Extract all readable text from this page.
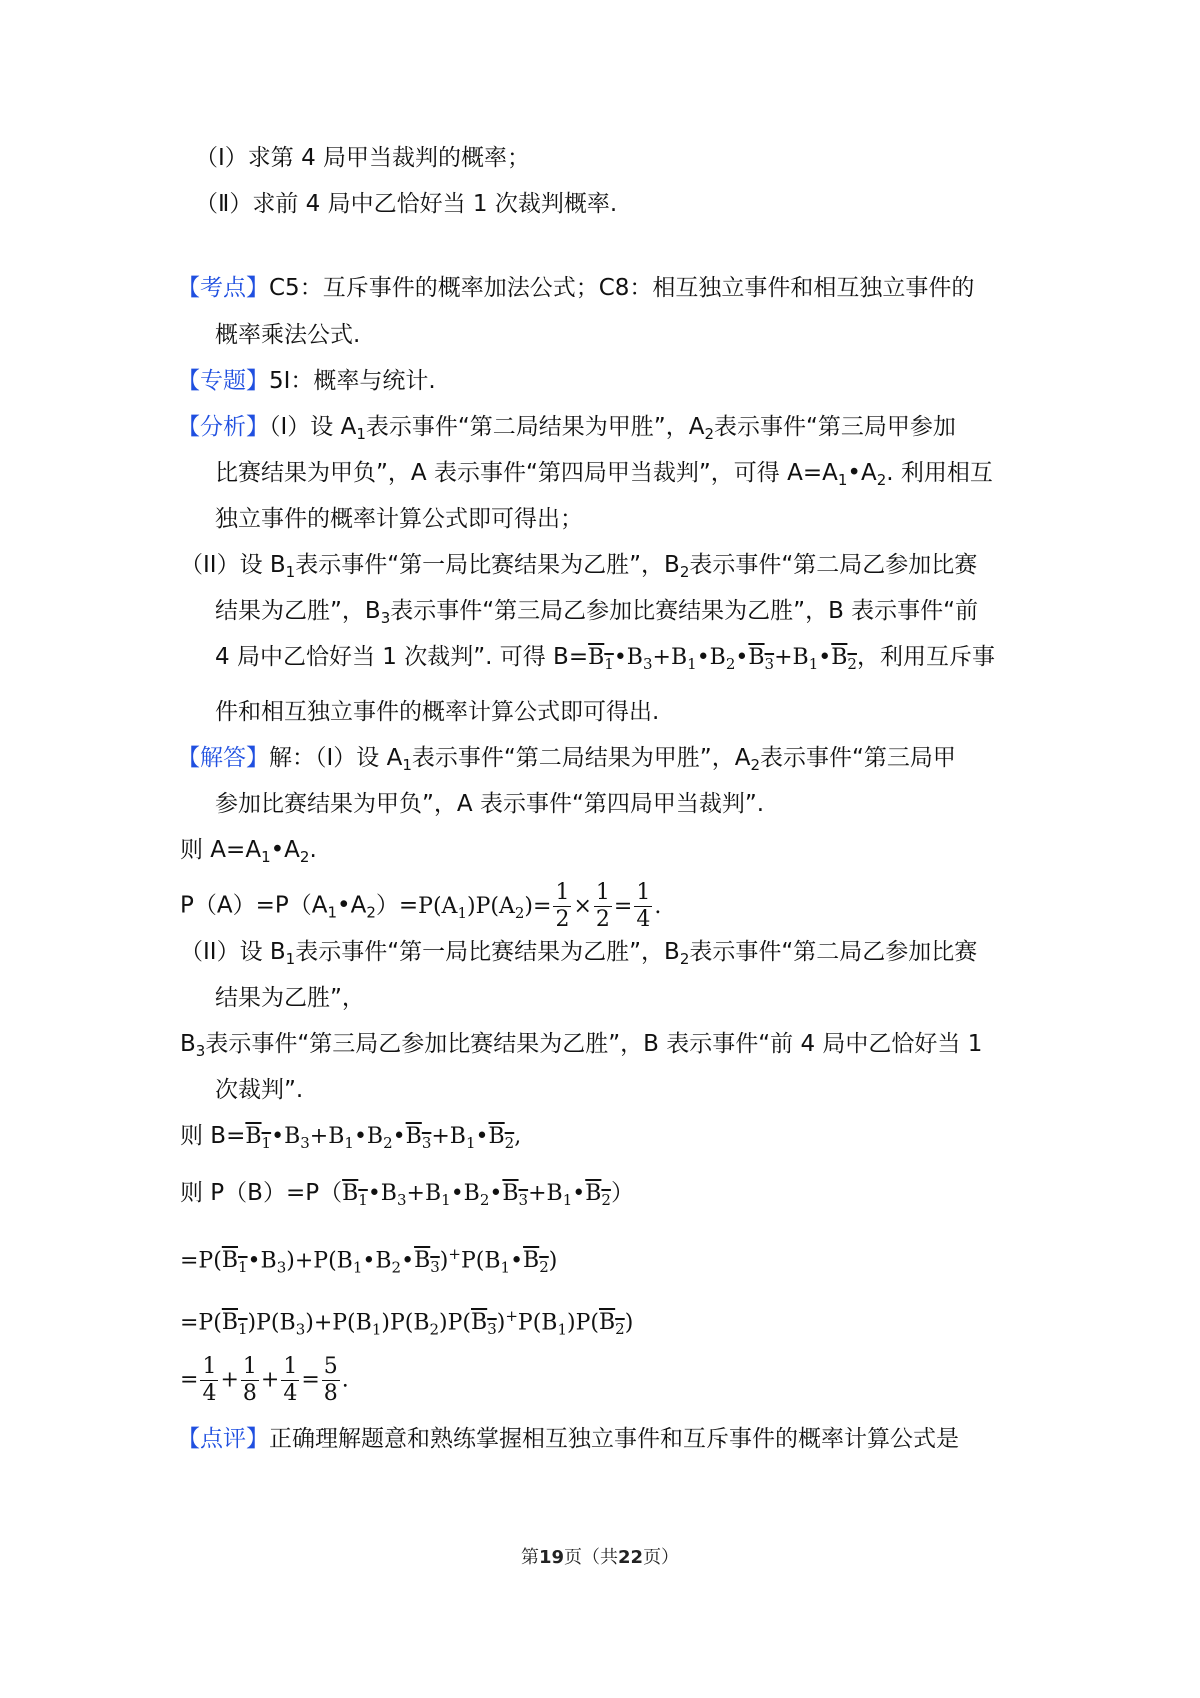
（Ⅰ）求第 4 局甲当裁判的概率；
（Ⅱ）求前 4 局中乙恰好当 1 次裁判概率.
【考点】C5：互斥事件的概率加法公式；C8：相互独立事件和相互独立事件的
概率乘法公式.
【专题】5I：概率与统计.
【分析】（I）设 $A_1$表示事件“第二局结果为甲胜”，$A_2$表示事件“第三局甲参加
比赛结果为甲负”，A 表示事件“第四局甲当裁判”，可得 $A=A_1•A_2$. 利用相互
独立事件的概率计算公式即可得出；
（II）设 $B_1$表示事件“第一局比赛结果为乙胜”，$B_2$表示事件“第二局乙参加比赛
结果为乙胜”，$B_3$表示事件“第三局乙参加比赛结果为乙胜”，B 表示事件“前
4 局中乙恰好当 1 次裁判”. 可得 $B=B_1•B_3+B_1•B_2•B_3+B_1•B_2$，利用互斥事
件和相互独立事件的概率计算公式即可得出.
【解答】解：（I）设 $A_1$表示事件“第二局结果为甲胜”，$A_2$表示事件“第三局甲
参加比赛结果为甲负”，A 表示事件“第四局甲当裁判”.
则 $A=A_1•A_2$.
$P(A)=P(A_1•A_2)=P(A_1)P(A_2)= \frac{1}{2} \times \frac{1}{2} = \frac{1}{4}$ .
（II）设 $B_1$表示事件“第一局比赛结果为乙胜”，$B_2$表示事件“第二局乙参加比赛
结果为乙胜”，
$B_3$表示事件“第三局乙参加比赛结果为乙胜”，B 表示事件“前 4 局中乙恰好当 1
次裁判”.
则 $B=B_1•B_3+B_1•B_2•B_3+B_1•B_2$,
则 $P(B)=P(B_1•B_3+B_1•B_2•B_3+B_1•B_2)$
$=P(B_1•B_3)+P(B_1•B_2•B_3)^+P(B_1•B_2)$
$=P(B_1)P(B_3)+P(B_1)P(B_2)P(B_3)^+P(B_1)P(B_2)$
= $\frac{1}{4} + \frac{1}{8} + \frac{1}{4} = \frac{5}{8}$ .
【点评】正确理解题意和熟练掌握相互独立事件和互斥事件的概率计算公式是
第19页（共22页）
